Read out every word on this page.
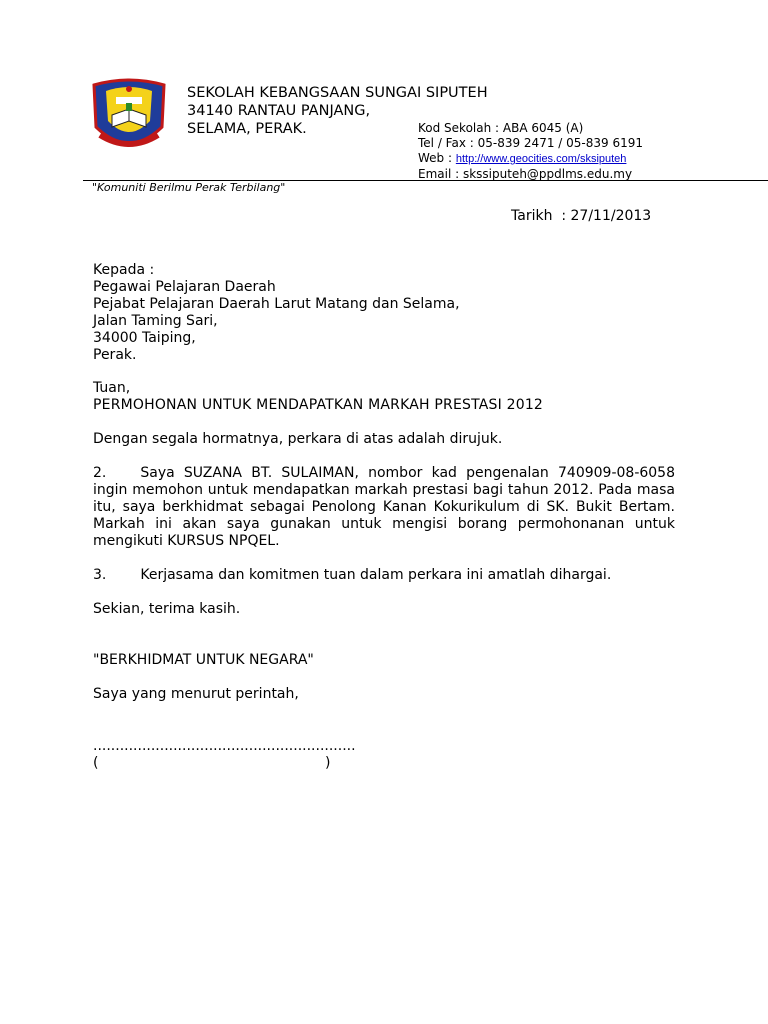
SEKOLAH KEBANGSAAN SUNGAI SIPUTEH
34140 RANTAU PANJANG,
SELAMA, PERAK.	Kod Sekolah : ABA 6045 (A)
Tel / Fax : 05-839 2471 / 05-839 6191
Web : http://www.geocities.com/sksiputeh
Email : skssiputeh@ppdlms.edu.my
"Komuniti Berilmu Perak Terbilang"
Tarikh  : 27/11/2013
Kepada :
Pegawai Pelajaran Daerah
Pejabat Pelajaran Daerah Larut Matang dan Selama,
Jalan Taming Sari,
34000 Taiping,
Perak.
Tuan,
PERMOHONAN UNTUK MENDAPATKAN MARKAH PRESTASI 2012
Dengan segala hormatnya, perkara di atas adalah dirujuk.
2. Saya SUZANA BT. SULAIMAN, nombor kad pengenalan 740909-08-6058 ingin memohon untuk mendapatkan markah prestasi bagi tahun 2012. Pada masa itu, saya berkhidmat sebagai Penolong Kanan Kokurikulum di SK. Bukit Bertam. Markah ini akan saya gunakan untuk mengisi borang permohonanan untuk mengikuti KURSUS NPQEL.
3. Kerjasama dan komitmen tuan dalam perkara ini amatlah dihargai.
Sekian, terima kasih.
"BERKHIDMAT UNTUK NEGARA"
Saya yang menurut perintah,
...........................................................
(	)
